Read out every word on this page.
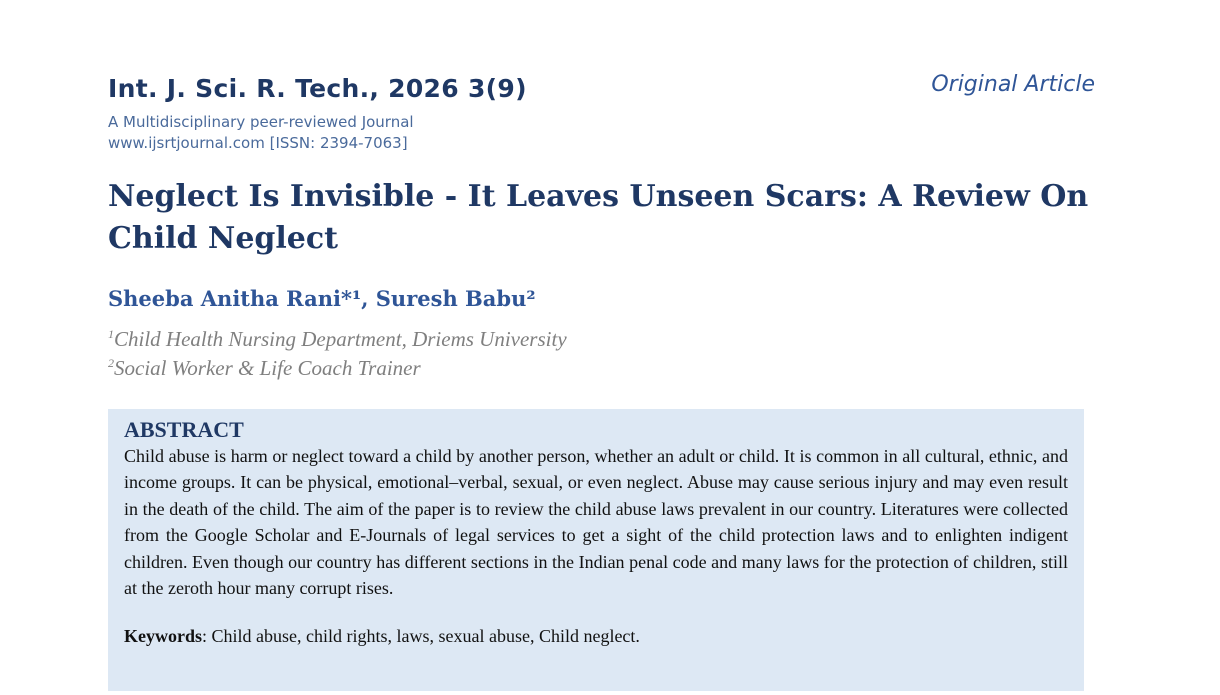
Int. J. Sci. R. Tech., 2026 3(9)
A Multidisciplinary peer-reviewed Journal
www.ijsrtjournal.com [ISSN: 2394-7063]
Original Article
Neglect Is Invisible - It Leaves Unseen Scars: A Review On Child Neglect
Sheeba Anitha Rani*¹, Suresh Babu²
$^1$Child Health Nursing Department, Driems University
$^2$Social Worker & Life Coach Trainer
ABSTRACT

Child abuse is harm or neglect toward a child by another person, whether an adult or child. It is common in all cultural, ethnic, and income groups. It can be physical, emotional–verbal, sexual, or even neglect. Abuse may cause serious injury and may even result in the death of the child. The aim of the paper is to review the child abuse laws prevalent in our country. Literatures were collected from the Google Scholar and E-Journals of legal services to get a sight of the child protection laws and to enlighten indigent children. Even though our country has different sections in the Indian penal code and many laws for the protection of children, still at the zeroth hour many corrupt rises.

Keywords: Child abuse, child rights, laws, sexual abuse, Child neglect.
